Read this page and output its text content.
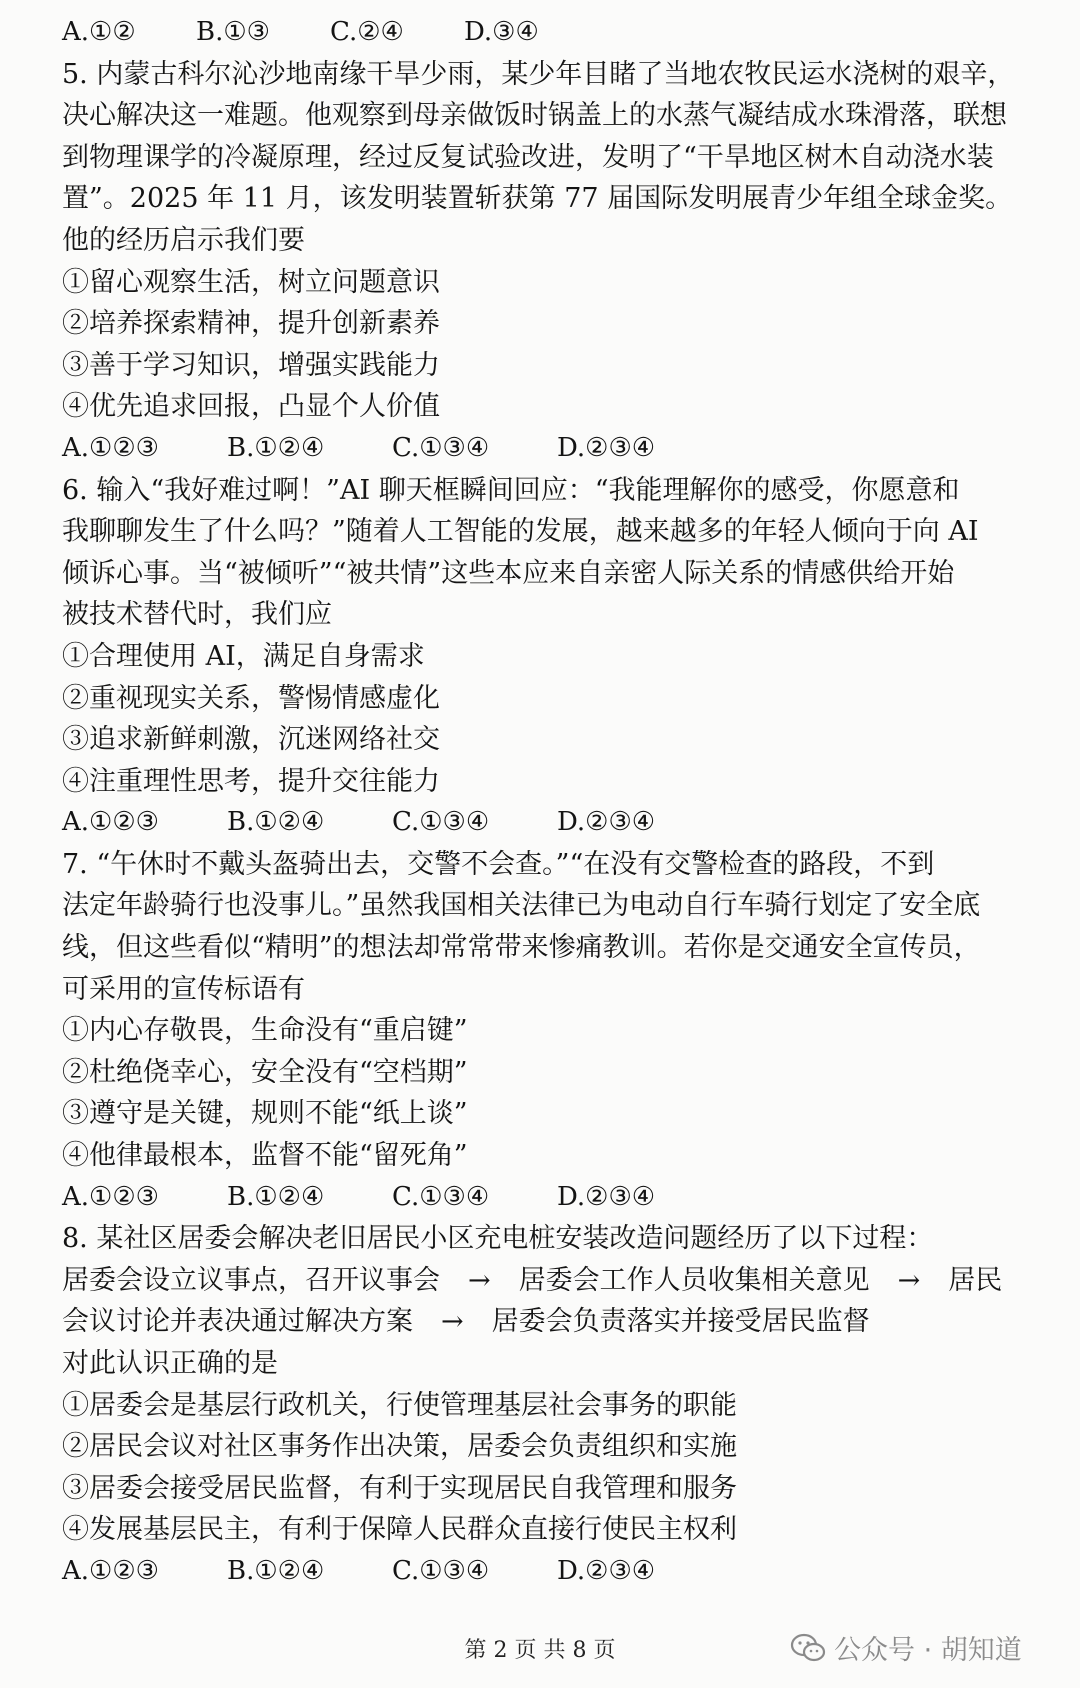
A.①②	B.①③	C.②④	D.③④
5. 内蒙古科尔沁沙地南缘干旱少雨，某少年目睹了当地农牧民运水浇树的艰辛，
决心解决这一难题。他观察到母亲做饭时锅盖上的水蒸气凝结成水珠滑落，联想
到物理课学的冷凝原理，经过反复试验改进，发明了“干旱地区树木自动浇水装
置”。2025 年 11 月，该发明装置斩获第 77 届国际发明展青少年组全球金奖。
他的经历启示我们要
①留心观察生活，树立问题意识
②培养探索精神，提升创新素养
③善于学习知识，增强实践能力
④优先追求回报，凸显个人价值
A.①②③	B.①②④	C.①③④	D.②③④
6. 输入“我好难过啊！”AI 聊天框瞬间回应：“我能理解你的感受，你愿意和
我聊聊发生了什么吗？”随着人工智能的发展，越来越多的年轻人倾向于向 AI
倾诉心事。当“被倾听”“被共情”这些本应来自亲密人际关系的情感供给开始
被技术替代时，我们应
①合理使用 AI，满足自身需求
②重视现实关系，警惕情感虚化
③追求新鲜刺激，沉迷网络社交
④注重理性思考，提升交往能力
A.①②③	B.①②④	C.①③④	D.②③④
7. “午休时不戴头盔骑出去，交警不会查。”“在没有交警检查的路段，不到
法定年龄骑行也没事儿。”虽然我国相关法律已为电动自行车骑行划定了安全底
线，但这些看似“精明”的想法却常常带来惨痛教训。若你是交通安全宣传员，
可采用的宣传标语有
①内心存敬畏，生命没有“重启键”
②杜绝侥幸心，安全没有“空档期”
③遵守是关键，规则不能“纸上谈”
④他律最根本，监督不能“留死角”
A.①②③	B.①②④	C.①③④	D.②③④
8. 某社区居委会解决老旧居民小区充电桩安装改造问题经历了以下过程：
居委会设立议事点，召开议事会 → 居委会工作人员收集相关意见 → 居民
会议讨论并表决通过解决方案 → 居委会负责落实并接受居民监督
对此认识正确的是
①居委会是基层行政机关，行使管理基层社会事务的职能
②居民会议对社区事务作出决策，居委会负责组织和实施
③居委会接受居民监督，有利于实现居民自我管理和服务
④发展基层民主，有利于保障人民群众直接行使民主权利
A.①②③	B.①②④	C.①③④	D.②③④
第 2 页 共 8 页	公众号 · 胡知道
